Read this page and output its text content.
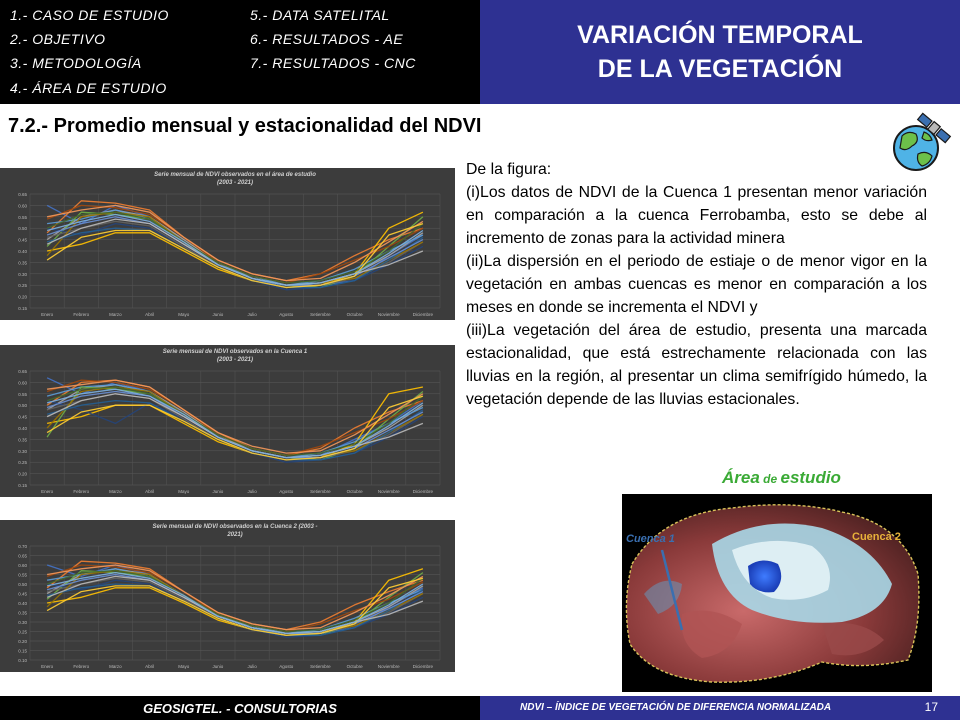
1.- CASO DE ESTUDIO
2.- OBJETIVO
3.- METODOLOGÍA
4.- ÁREA DE ESTUDIO
5.- DATA SATELITAL
6.- RESULTADOS - AE
7.- RESULTADOS - CNC
VARIACIÓN TEMPORAL
DE LA VEGETACIÓN
7.2.- Promedio mensual y estacionalidad del NDVI
Serie mensual de NDVI observados en el área de estudio
(2003 - 2021)
0.65
0.60
0.55
0.50
0.45
0.40
0.35
0.30
0.25
0.20
0.15
Enero	Febrero	Marzo	Abril	Mayo	Junio	Julio	Agosto	Setiembre	Octubre	Noviembre	Diciembre
Serie mensual de NDVI observados en la Cuenca 1
(2003 - 2021)
0.65
0.60
0.55
0.50
0.45
0.40
0.35
0.30
0.25
0.20
0.15
Enero	Febrero	Marzo	Abril	Mayo	Junio	Julio	Agosto	Setiembre	Octubre	Noviembre	Diciembre
Serie mensual de NDVI observados en la Cuenca 2 (2003 -
2021)
0.70
0.65
0.60
0.55
0.50
0.45
0.40
0.35
0.30
0.25
0.20
0.15
0.10
Enero	Febrero	Marzo	Abril	Mayo	Junio	Julio	Agosto	Setiembre	Octubre	Noviembre	Diciembre

De la figura:

(i)Los datos de NDVI de la Cuenca 1 presentan menor variación en comparación a la cuenca Ferrobamba, esto se debe al incremento de zonas para la actividad minera

(ii)La dispersión en el periodo de estiaje o de menor vigor en la vegetación en ambas cuencas es menor en comparación a los meses en donde se incrementa el NDVI y

(iii)La vegetación del área de estudio, presenta una marcada estacionalidad, que está estrechamente relacionada con las lluvias en la región, al presentar un clima semifrígido húmedo, la vegetación depende de las lluvias estacionales.

Área de estudio
Cuenca 1	Cuenca 2
GEOSIGTEL. - CONSULTORIAS	NDVI – ÍNDICE DE VEGETACIÓN DE DIFERENCIA NORMALIZADA	17
